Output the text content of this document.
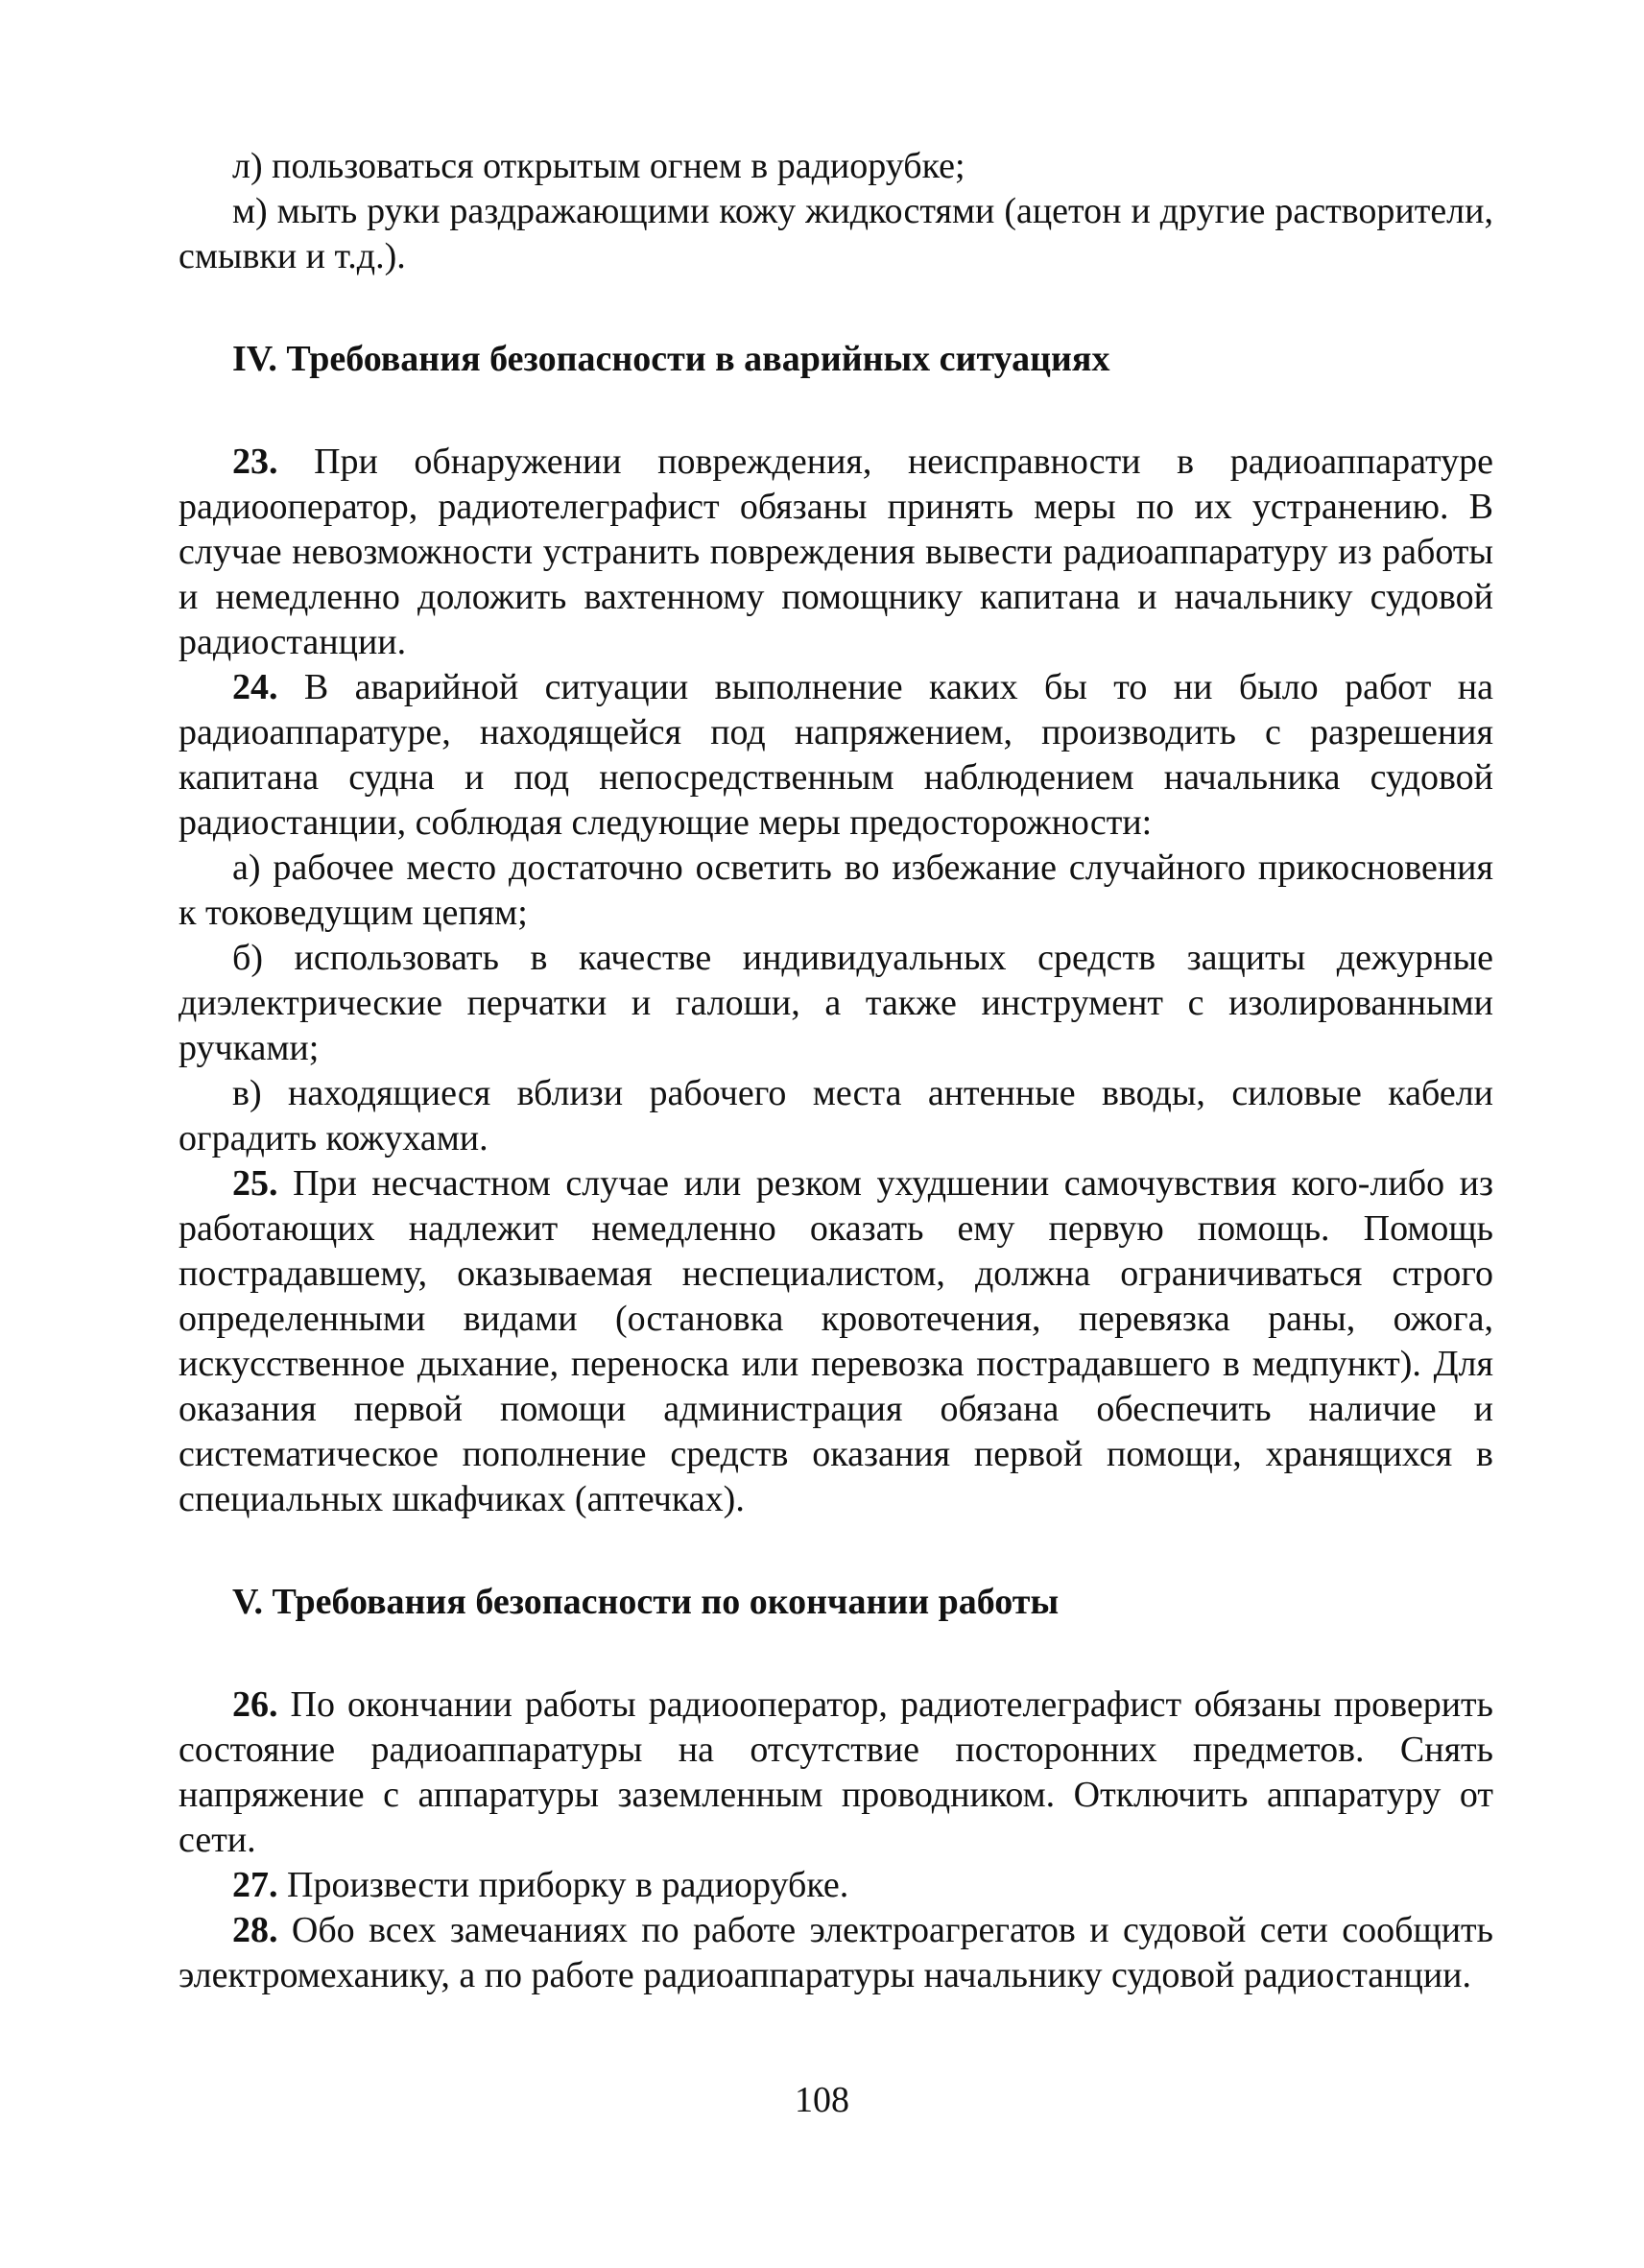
л) пользоваться открытым огнем в радиорубке;

м) мыть руки раздражающими кожу жидкостями (ацетон и другие растворители, смывки и т.д.).

IV. Требования безопасности в аварийных ситуациях

23. При обнаружении повреждения, неисправности в радиоаппаратуре радиооператор, радиотелеграфист обязаны принять меры по их устранению. В случае невозможности устранить повреждения вывести радиоаппаратуру из работы и немедленно доложить вахтенному помощнику капитана и начальнику судовой радиостанции.

24. В аварийной ситуации выполнение каких бы то ни было работ на радиоаппаратуре, находящейся под напряжением, производить с разрешения капитана судна и под непосредственным наблюдением начальника судовой радиостанции, соблюдая следующие меры предосторожности:

а) рабочее место достаточно осветить во избежание случайного прикосновения к токоведущим цепям;

б) использовать в качестве индивидуальных средств защиты дежурные диэлектрические перчатки и галоши, а также инструмент с изолированными ручками;

в) находящиеся вблизи рабочего места антенные вводы, силовые кабели оградить кожухами.

25. При несчастном случае или резком ухудшении самочувствия кого-либо из работающих надлежит немедленно оказать ему первую помощь. Помощь пострадавшему, оказываемая неспециалистом, должна ограничиваться строго определенными видами (остановка кровотечения, перевязка раны, ожога, искусственное дыхание, переноска или перевозка пострадавшего в медпункт). Для оказания первой помощи администрация обязана обеспечить наличие и систематическое пополнение средств оказания первой помощи, хранящихся в специальных шкафчиках (аптечках).

V. Требования безопасности по окончании работы

26. По окончании работы радиооператор, радиотелеграфист обязаны проверить состояние радиоаппаратуры на отсутствие посторонних предметов. Снять напряжение с аппаратуры заземленным проводником. Отключить аппаратуру от сети.

27. Произвести приборку в радиорубке.

28. Обо всех замечаниях по работе электроагрегатов и судовой сети сообщить электромеханику, а по работе радиоаппаратуры начальнику судовой радиостанции.

108
